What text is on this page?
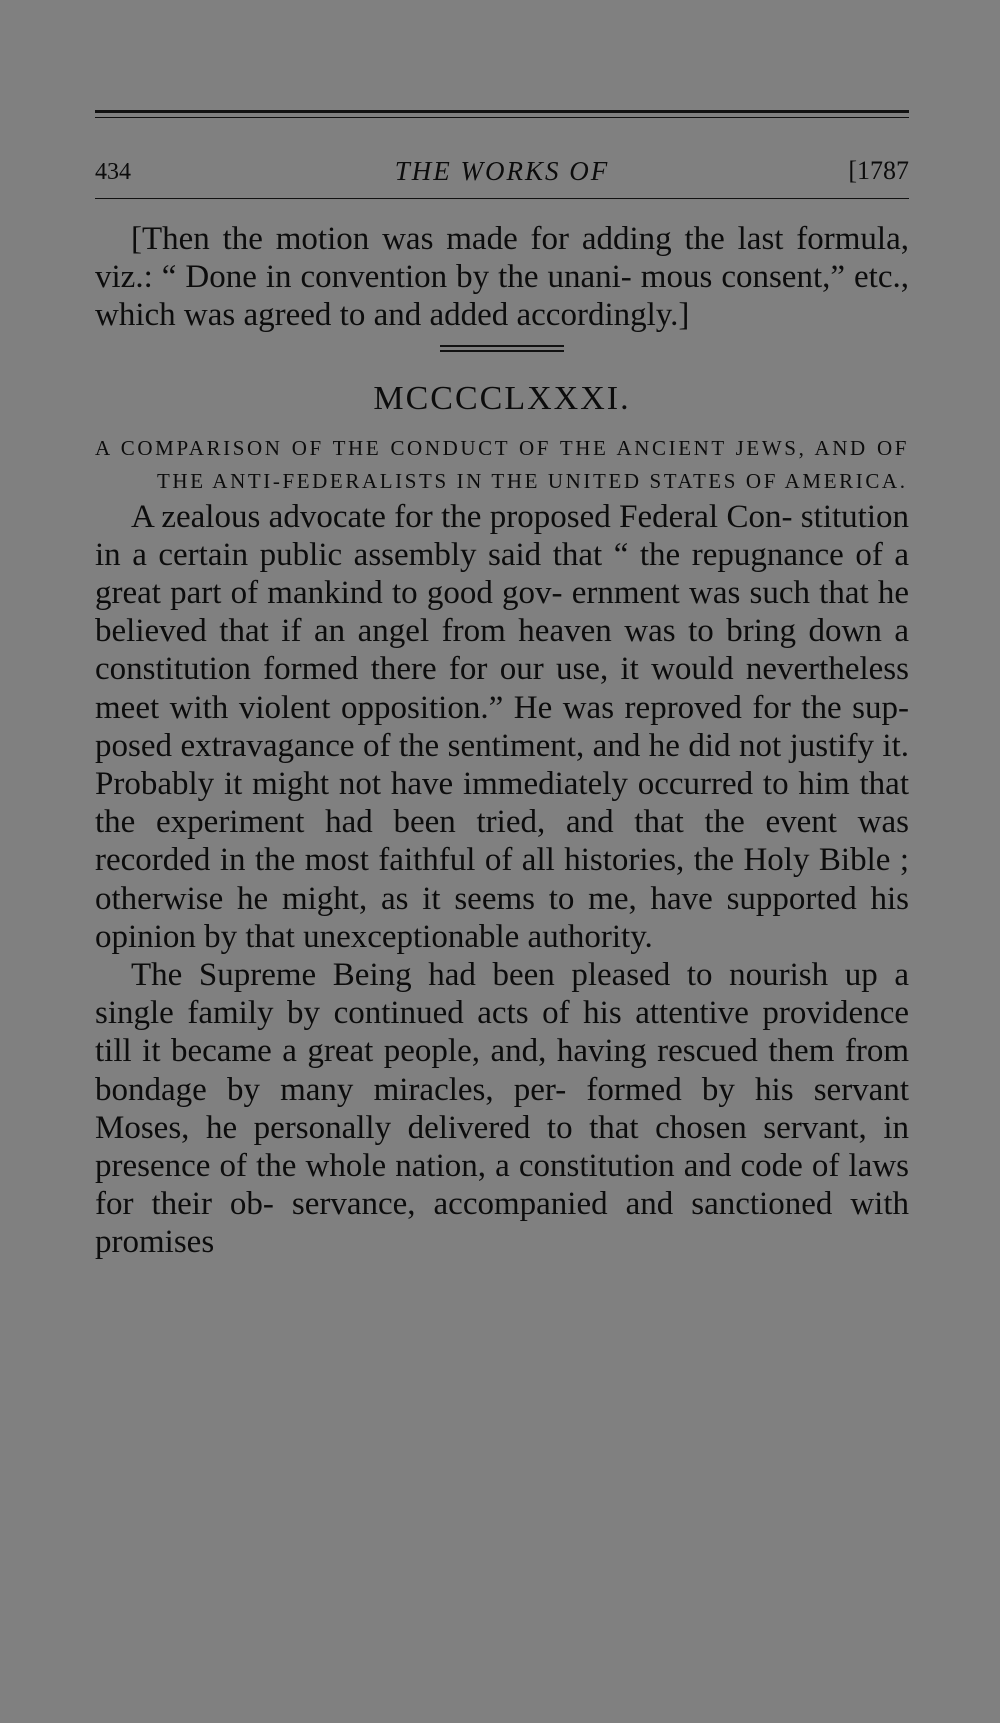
434	THE WORKS OF	[1787

[Then the motion was made for adding the last formula, viz.: “ Done in convention by the unani- mous consent,” etc., which was agreed to and added accordingly.]

MCCCCLXXXI.

A COMPARISON OF THE CONDUCT OF THE ANCIENT JEWS, AND OF THE ANTI-FEDERALISTS IN THE UNITED STATES OF AMERICA.

A zealous advocate for the proposed Federal Con- stitution in a certain public assembly said that “ the repugnance of a great part of mankind to good gov- ernment was such that he believed that if an angel from heaven was to bring down a constitution formed there for our use, it would nevertheless meet with violent opposition.” He was reproved for the sup- posed extravagance of the sentiment, and he did not justify it. Probably it might not have immediately occurred to him that the experiment had been tried, and that the event was recorded in the most faithful of all histories, the Holy Bible ; otherwise he might, as it seems to me, have supported his opinion by that unexceptionable authority.

The Supreme Being had been pleased to nourish up a single family by continued acts of his attentive providence till it became a great people, and, having rescued them from bondage by many miracles, per- formed by his servant Moses, he personally delivered to that chosen servant, in presence of the whole nation, a constitution and code of laws for their ob- servance, accompanied and sanctioned with promises
